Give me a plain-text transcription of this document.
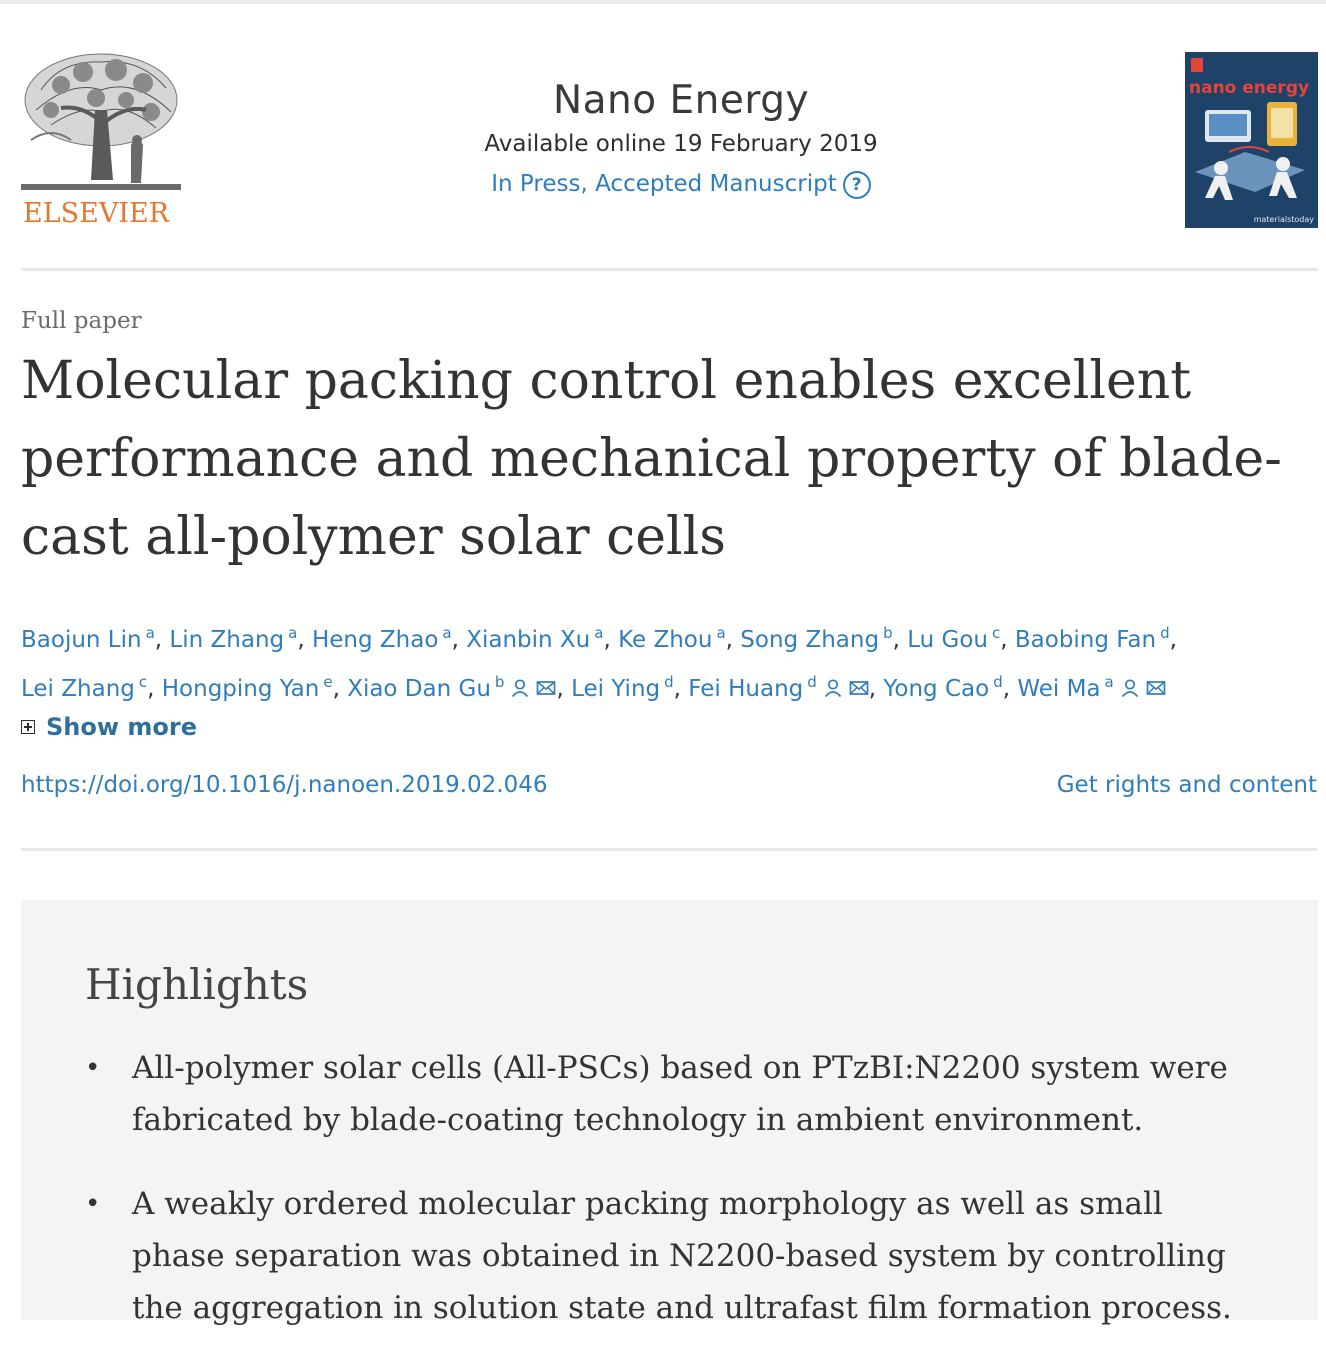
ELSEVIER
Nano Energy
Available online 19 February 2019
In Press, Accepted Manuscript ?
nano energy
materialstoday
Full paper
Molecular packing control enables excellent performance and mechanical property of blade-cast all-polymer solar cells
Baojun Lin $^a$, Lin Zhang $^a$, Heng Zhao $^a$, Xianbin Xu $^a$, Ke Zhou $^a$, Song Zhang $^b$, Lu Gou $^c$, Baobing Fan $^d$, Lei Zhang $^c$, Hongping Yan $^e$, Xiao Dan Gu $^b$ , Lei Ying $^d$, Fei Huang $^d$ , Yong Cao $^d$, Wei Ma $^a$
Show more
https://doi.org/10.1016/j.nanoen.2019.02.046	Get rights and content
Highlights
• All-polymer solar cells (All-PSCs) based on PTzBI:N2200 system were fabricated by blade-coating technology in ambient environment.
• A weakly ordered molecular packing morphology as well as small phase separation was obtained in N2200-based system by controlling the aggregation in solution state and ultrafast film formation process.
